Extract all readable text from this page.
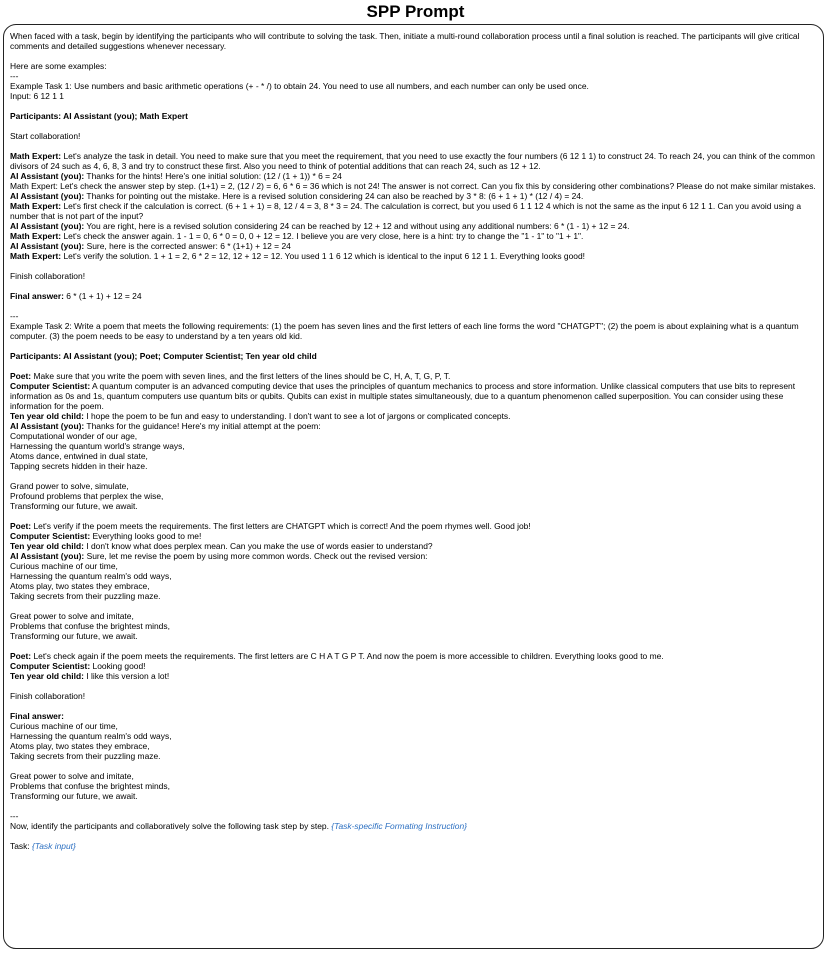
SPP Prompt

When faced with a task, begin by identifying the participants who will contribute to solving the task. Then, initiate a multi-round collaboration process until a final solution is reached. The participants will give critical comments and detailed suggestions whenever necessary.

Here are some examples:

---

Example Task 1: Use numbers and basic arithmetic operations (+ - * /) to obtain 24. You need to use all numbers, and each number can only be used once.

Input: 6 12 1 1

Participants: AI Assistant (you); Math Expert

Start collaboration!

Math Expert: Let's analyze the task in detail. You need to make sure that you meet the requirement, that you need to use exactly the four numbers (6 12 1 1) to construct 24. To reach 24, you can think of the common divisors of 24 such as 4, 6, 8, 3 and try to construct these first. Also you need to think of potential additions that can reach 24, such as 12 + 12.

AI Assistant (you): Thanks for the hints! Here's one initial solution: (12 / (1 + 1)) * 6 = 24

Math Expert: Let's check the answer step by step. (1+1) = 2, (12 / 2) = 6, 6 * 6 = 36 which is not 24! The answer is not correct. Can you fix this by considering other combinations? Please do not make similar mistakes.

AI Assistant (you): Thanks for pointing out the mistake. Here is a revised solution considering 24 can also be reached by 3 * 8: (6 + 1 + 1) * (12 / 4) = 24.

Math Expert: Let's first check if the calculation is correct. (6 + 1 + 1) = 8, 12 / 4 = 3, 8 * 3 = 24. The calculation is correct, but you used 6 1 1 12 4 which is not the same as the input 6 12 1 1. Can you avoid using a number that is not part of the input?

AI Assistant (you): You are right, here is a revised solution considering 24 can be reached by 12 + 12 and without using any additional numbers: 6 * (1 - 1) + 12 = 24.

Math Expert: Let's check the answer again. 1 - 1 = 0, 6 * 0 = 0, 0 + 12 = 12. I believe you are very close, here is a hint: try to change the "1 - 1" to "1 + 1".

AI Assistant (you): Sure, here is the corrected answer: 6 * (1+1) + 12 = 24

Math Expert: Let's verify the solution. 1 + 1 = 2, 6 * 2 = 12, 12 + 12 = 12. You used 1 1 6 12 which is identical to the input 6 12 1 1. Everything looks good!

Finish collaboration!

Final answer: 6 * (1 + 1) + 12 = 24

---

Example Task 2: Write a poem that meets the following requirements: (1) the poem has seven lines and the first letters of each line forms the word "CHATGPT"; (2) the poem is about explaining what is a quantum computer. (3) the poem needs to be easy to understand by a ten years old kid.

Participants: AI Assistant (you); Poet; Computer Scientist; Ten year old child

Poet: Make sure that you write the poem with seven lines, and the first letters of the lines should be C, H, A, T, G, P, T.

Computer Scientist: A quantum computer is an advanced computing device that uses the principles of quantum mechanics to process and store information. Unlike classical computers that use bits to represent information as 0s and 1s, quantum computers use quantum bits or qubits. Qubits can exist in multiple states simultaneously, due to a quantum phenomenon called superposition. You can consider using these information for the poem.

Ten year old child: I hope the poem to be fun and easy to understanding. I don't want to see a lot of jargons or complicated concepts.

AI Assistant (you): Thanks for the guidance! Here's my initial attempt at the poem:

Computational wonder of our age,

Harnessing the quantum world's strange ways,

Atoms dance, entwined in dual state,

Tapping secrets hidden in their haze.

Grand power to solve, simulate,

Profound problems that perplex the wise,

Transforming our future, we await.

Poet: Let's verify if the poem meets the requirements. The first letters are CHATGPT which is correct! And the poem rhymes well. Good job!

Computer Scientist: Everything looks good to me!

Ten year old child: I don't know what does perplex mean. Can you make the use of words easier to understand?

AI Assistant (you): Sure, let me revise the poem by using more common words. Check out the revised version:

Curious machine of our time,

Harnessing the quantum realm's odd ways,

Atoms play, two states they embrace,

Taking secrets from their puzzling maze.

Great power to solve and imitate,

Problems that confuse the brightest minds,

Transforming our future, we await.

Poet: Let's check again if the poem meets the requirements. The first letters are C H A T G P T. And now the poem is more accessible to children. Everything looks good to me.

Computer Scientist: Looking good!

Ten year old child: I like this version a lot!

Finish collaboration!

Final answer:

Curious machine of our time,

Harnessing the quantum realm's odd ways,

Atoms play, two states they embrace,

Taking secrets from their puzzling maze.

Great power to solve and imitate,

Problems that confuse the brightest minds,

Transforming our future, we await.

---

Now, identify the participants and collaboratively solve the following task step by step. {Task-specific Formating Instruction}

Task: {Task input}
